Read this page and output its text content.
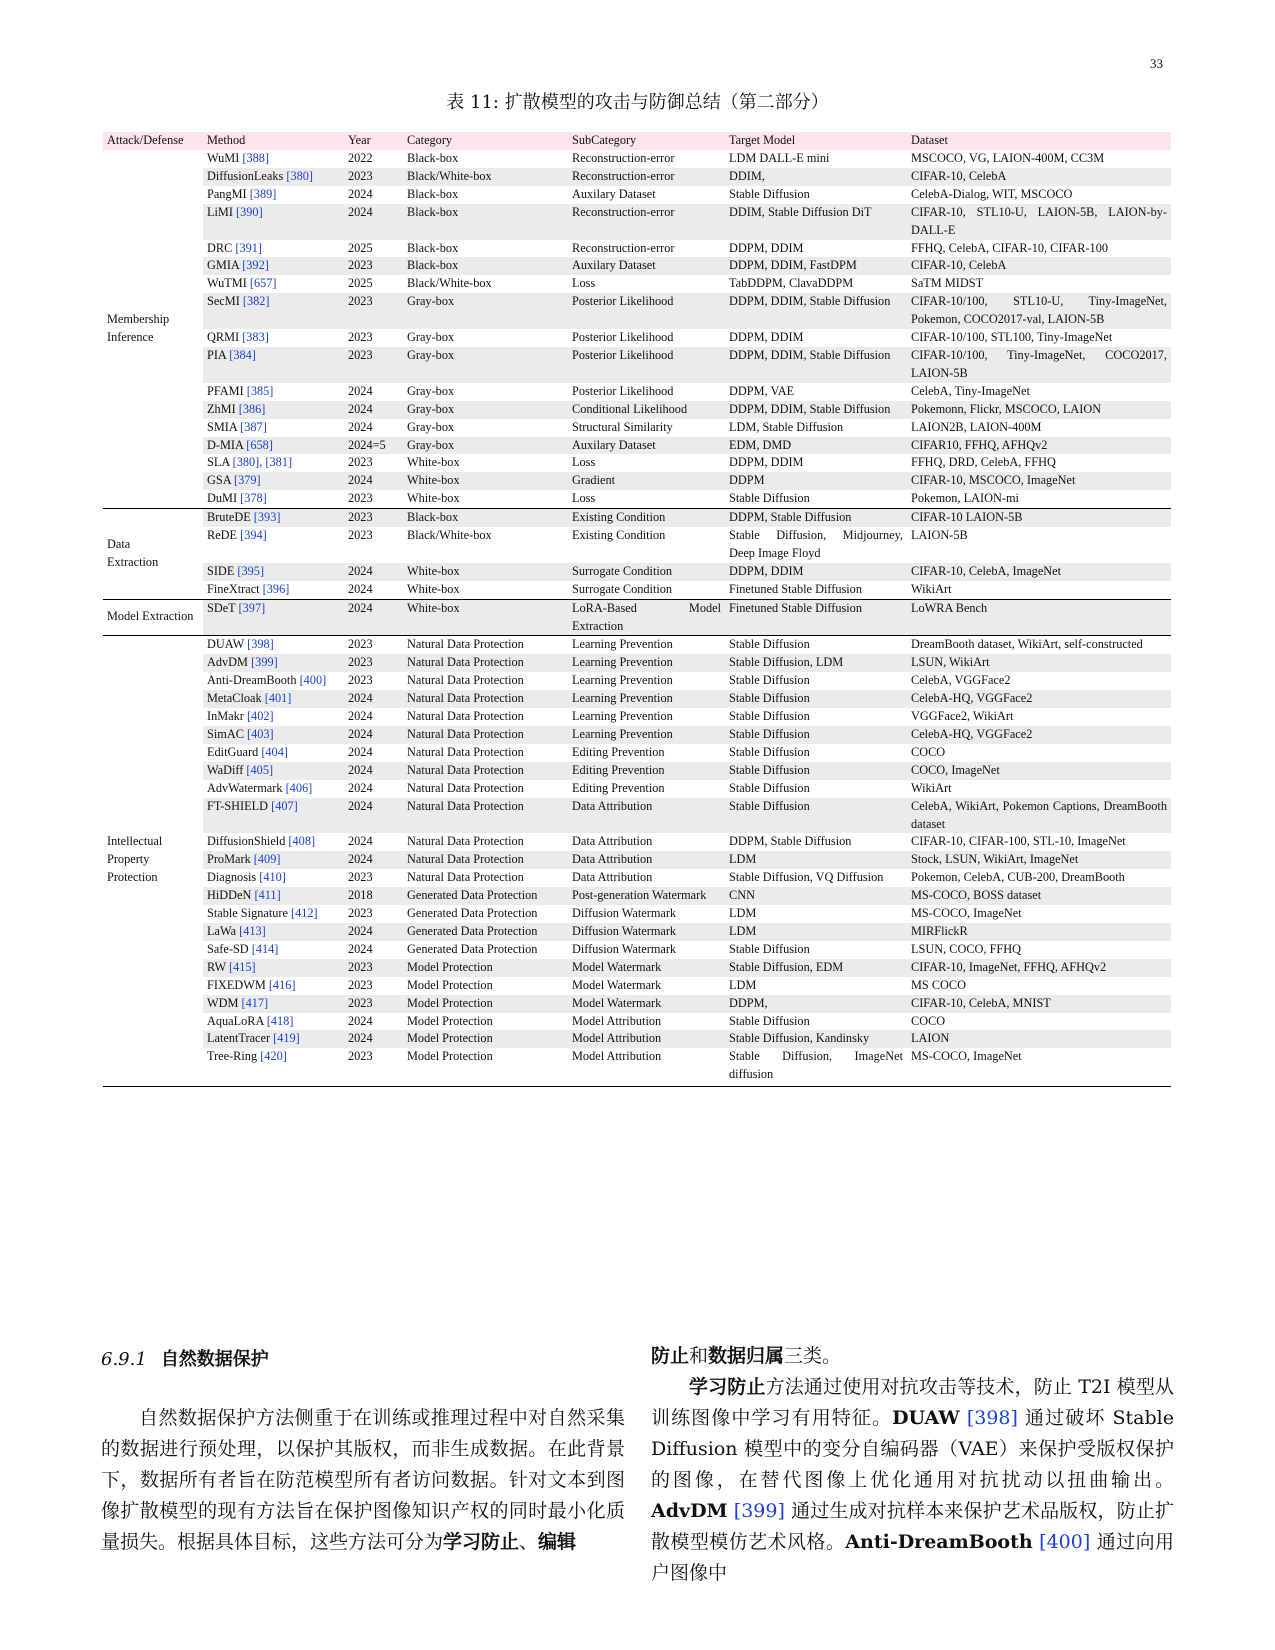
33
表 11: 扩散模型的攻击与防御总结（第二部分）
Attack/Defense	Method	Year	Category	SubCategory	Target Model	Dataset
Membership
Inference	WuMI [388]	2022	Black-box	Reconstruction-error	LDM DALL-E mini	MSCOCO, VG, LAION-400M, CC3M
	DiffusionLeaks [380]	2023	Black/White-box	Reconstruction-error	DDIM,	CIFAR-10, CelebA
	PangMI [389]	2024	Black-box	Auxilary Dataset	Stable Diffusion	CelebA-Dialog, WIT, MSCOCO
	LiMI [390]	2024	Black-box	Reconstruction-error	DDIM, Stable Diffusion DiT	CIFAR-10, STL10-U, LAION-5B, LAION-by-DALL-E
	DRC [391]	2025	Black-box	Reconstruction-error	DDPM, DDIM	FFHQ, CelebA, CIFAR-10, CIFAR-100
	GMIA [392]	2023	Black-box	Auxilary Dataset	DDPM, DDIM, FastDPM	CIFAR-10, CelebA
	WuTMI [657]	2025	Black/White-box	Loss	TabDDPM, ClavaDDPM	SaTM MIDST
	SecMI [382]	2023	Gray-box	Posterior Likelihood	DDPM, DDIM, Stable Diffusion	CIFAR-10/100, STL10-U, Tiny-ImageNet, Pokemon, COCO2017-val, LAION-5B
	QRMI [383]	2023	Gray-box	Posterior Likelihood	DDPM, DDIM	CIFAR-10/100, STL100, Tiny-ImageNet
	PIA [384]	2023	Gray-box	Posterior Likelihood	DDPM, DDIM, Stable Diffusion	CIFAR-10/100, Tiny-ImageNet, COCO2017, LAION-5B
	PFAMI [385]	2024	Gray-box	Posterior Likelihood	DDPM, VAE	CelebA, Tiny-ImageNet
	ZhMI [386]	2024	Gray-box	Conditional Likelihood	DDPM, DDIM, Stable Diffusion	Pokemonn, Flickr, MSCOCO, LAION
	SMIA [387]	2024	Gray-box	Structural Similarity	LDM, Stable Diffusion	LAION2B, LAION-400M
	D-MIA [658]	2024=5	Gray-box	Auxilary Dataset	EDM, DMD	CIFAR10, FFHQ, AFHQv2
	SLA [380], [381]	2023	White-box	Loss	DDPM, DDIM	FFHQ, DRD, CelebA, FFHQ
	GSA [379]	2024	White-box	Gradient	DDPM	CIFAR-10, MSCOCO, ImageNet
	DuMI [378]	2023	White-box	Loss	Stable Diffusion	Pokemon, LAION-mi
Data
Extraction	BruteDE [393]	2023	Black-box	Existing Condition	DDPM, Stable Diffusion	CIFAR-10 LAION-5B
	ReDE [394]	2023	Black/White-box	Existing Condition	Stable Diffusion, Midjourney, Deep Image Floyd	LAION-5B
	SIDE [395]	2024	White-box	Surrogate Condition	DDPM, DDIM	CIFAR-10, CelebA, ImageNet
	FineXtract [396]	2024	White-box	Surrogate Condition	Finetuned Stable Diffusion	WikiArt
Model Extraction	SDeT [397]	2024	White-box	LoRA-Based Model Extraction	Finetuned Stable Diffusion	LoWRA Bench
Intellectual
Property
Protection	DUAW [398]	2023	Natural Data Protection	Learning Prevention	Stable Diffusion	DreamBooth dataset, WikiArt, self-constructed
	AdvDM [399]	2023	Natural Data Protection	Learning Prevention	Stable Diffusion, LDM	LSUN, WikiArt
	Anti-DreamBooth [400]	2023	Natural Data Protection	Learning Prevention	Stable Diffusion	CelebA, VGGFace2
	MetaCloak [401]	2024	Natural Data Protection	Learning Prevention	Stable Diffusion	CelebA-HQ, VGGFace2
	InMakr [402]	2024	Natural Data Protection	Learning Prevention	Stable Diffusion	VGGFace2, WikiArt
	SimAC [403]	2024	Natural Data Protection	Learning Prevention	Stable Diffusion	CelebA-HQ, VGGFace2
	EditGuard [404]	2024	Natural Data Protection	Editing Prevention	Stable Diffusion	COCO
	WaDiff [405]	2024	Natural Data Protection	Editing Prevention	Stable Diffusion	COCO, ImageNet
	AdvWatermark [406]	2024	Natural Data Protection	Editing Prevention	Stable Diffusion	WikiArt
	FT-SHIELD [407]	2024	Natural Data Protection	Data Attribution	Stable Diffusion	CelebA, WikiArt, Pokemon Captions, DreamBooth dataset
	DiffusionShield [408]	2024	Natural Data Protection	Data Attribution	DDPM, Stable Diffusion	CIFAR-10, CIFAR-100, STL-10, ImageNet
	ProMark [409]	2024	Natural Data Protection	Data Attribution	LDM	Stock, LSUN, WikiArt, ImageNet
	Diagnosis [410]	2023	Natural Data Protection	Data Attribution	Stable Diffusion, VQ Diffusion	Pokemon, CelebA, CUB-200, DreamBooth
	HiDDeN [411]	2018	Generated Data Protection	Post-generation Watermark	CNN	MS-COCO, BOSS dataset
	Stable Signature [412]	2023	Generated Data Protection	Diffusion Watermark	LDM	MS-COCO, ImageNet
	LaWa [413]	2024	Generated Data Protection	Diffusion Watermark	LDM	MIRFlickR
	Safe-SD [414]	2024	Generated Data Protection	Diffusion Watermark	Stable Diffusion	LSUN, COCO, FFHQ
	RW [415]	2023	Model Protection	Model Watermark	Stable Diffusion, EDM	CIFAR-10, ImageNet, FFHQ, AFHQv2
	FIXEDWM [416]	2023	Model Protection	Model Watermark	LDM	MS COCO
	WDM [417]	2023	Model Protection	Model Watermark	DDPM,	CIFAR-10, CelebA, MNIST
	AquaLoRA [418]	2024	Model Protection	Model Attribution	Stable Diffusion	COCO
	LatentTracer [419]	2024	Model Protection	Model Attribution	Stable Diffusion, Kandinsky	LAION
	Tree-Ring [420]	2023	Model Protection	Model Attribution	Stable Diffusion, ImageNet diffusion	MS-COCO, ImageNet
6.9.1 自然数据保护

自然数据保护方法侧重于在训练或推理过程中对自然采集的数据进行预处理，以保护其版权，而非生成数据。在此背景下，数据所有者旨在防范模型所有者访问数据。针对文本到图像扩散模型的现有方法旨在保护图像知识产权的同时最小化质量损失。根据具体目标，这些方法可分为学习防止、编辑

防止和数据归属三类。

学习防止方法通过使用对抗攻击等技术，防止 T2I 模型从训练图像中学习有用特征。DUAW [398] 通过破坏 Stable Diffusion 模型中的变分自编码器（VAE）来保护受版权保护的图像，在替代图像上优化通用对抗扰动以扭曲输出。AdvDM [399] 通过生成对抗样本来保护艺术品版权，防止扩散模型模仿艺术风格。Anti-DreamBooth [400] 通过向用户图像中
